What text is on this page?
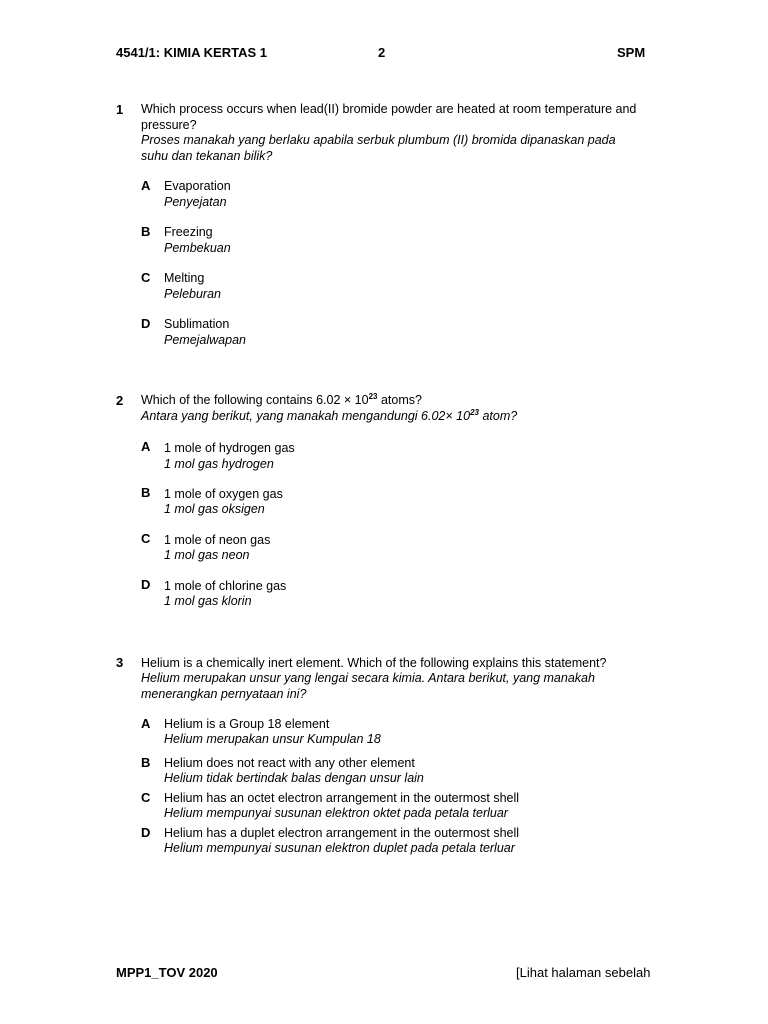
4541/1: KIMIA KERTAS 1	2	SPM
1 Which process occurs when lead(II) bromide powder are heated at room temperature and pressure?
Proses manakah yang berlaku apabila serbuk plumbum (II) bromida dipanaskan pada suhu dan tekanan bilik?
A Evaporation
Penyejatan
B Freezing
Pembekuan
C Melting
Peleburan
D Sublimation
Pemejalwapan
2 Which of the following contains $6.02 \times 10^{23}$ atoms?
Antara yang berikut, yang manakah mengandungi $6.02\times 10^{23}$ atom?
A 1 mole of hydrogen gas
1 mol gas hydrogen
B 1 mole of oxygen gas
1 mol gas oksigen
C 1 mole of neon gas
1 mol gas neon
D 1 mole of chlorine gas
1 mol gas klorin
3 Helium is a chemically inert element. Which of the following explains this statement?
Helium merupakan unsur yang lengai secara kimia. Antara berikut, yang manakah menerangkan pernyataan ini?
A Helium is a Group 18 element
Helium merupakan unsur Kumpulan 18
B Helium does not react with any other element
Helium tidak bertindak balas dengan unsur lain
C Helium has an octet electron arrangement in the outermost shell
Helium mempunyai susunan elektron oktet pada petala terluar
D Helium has a duplet electron arrangement in the outermost shell
Helium mempunyai susunan elektron duplet pada petala terluar
MPP1_TOV 2020	[Lihat halaman sebelah
